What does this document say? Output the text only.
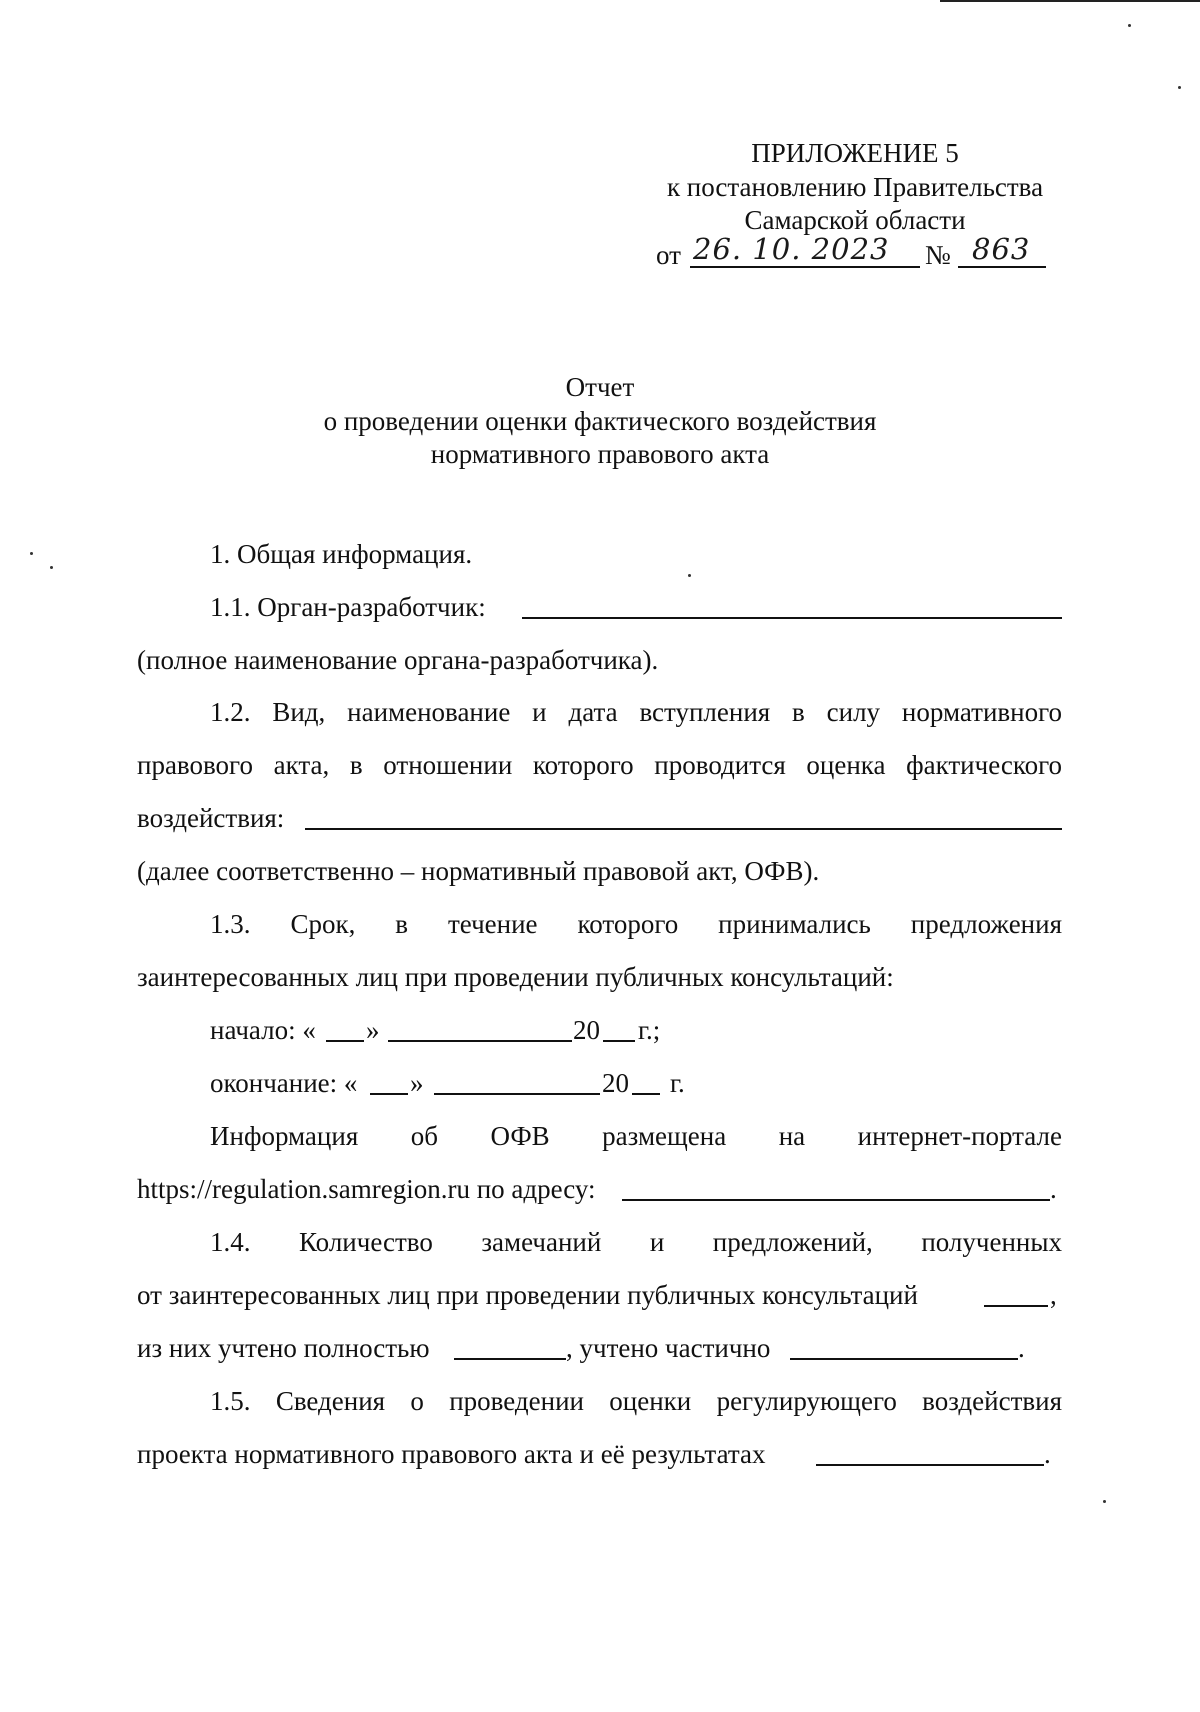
ПРИЛОЖЕНИЕ 5
к постановлению Правительства
Самарской области
от 26. 10. 2023 № 863
Отчет
о проведении оценки фактического воздействия
нормативного правового акта
1. Общая информация.
1.1. Орган-разработчик:
(полное наименование органа-разработчика).
1.2. Вид, наименование и дата вступления в силу нормативного
правового акта, в отношении которого проводится оценка фактического
воздействия:
(далее соответственно – нормативный правовой акт, ОФВ).
1.3. Срок, в течение которого принимались предложения
заинтересованных лиц при проведении публичных консультаций:
начало: « »	20 г.;
окончание: « »	20 г.
Информация об ОФВ размещена на интернет-портале
https://regulation.samregion.ru по адресу:	.
1.4. Количество замечаний и предложений, полученных
от заинтересованных лиц при проведении публичных консультаций	,
из них учтено полностью	, учтено частично	.
1.5. Сведения о проведении оценки регулирующего воздействия
проекта нормативного правового акта и её результатах	.
